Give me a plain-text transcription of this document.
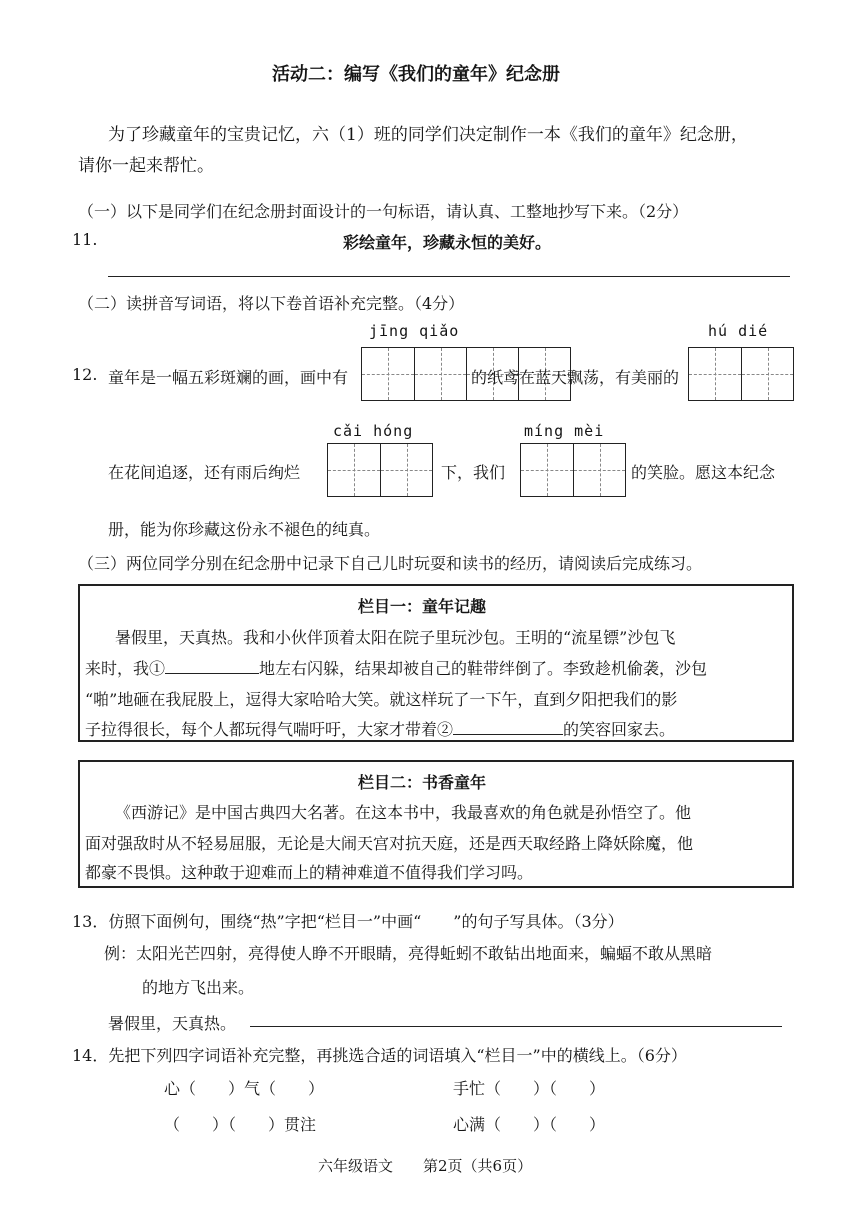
活动二：编写《我们的童年》纪念册
为了珍藏童年的宝贵记忆，六（1）班的同学们决定制作一本《我们的童年》纪念册，
请你一起来帮忙。
（一）以下是同学们在纪念册封面设计的一句标语，请认真、工整地抄写下来。（2分）
11.	彩绘童年，珍藏永恒的美好。
（二）读拼音写词语，将以下卷首语补充完整。（4分）
jīng qiǎo	hú dié
12. 童年是一幅五彩斑斓的画，画中有	的纸鸢在蓝天飘荡，有美丽的
cǎi hóng	míng mèi
在花间追逐，还有雨后绚烂	下，我们	的笑脸。愿这本纪念
册，能为你珍藏这份永不褪色的纯真。
（三）两位同学分别在纪念册中记录下自己儿时玩耍和读书的经历，请阅读后完成练习。
栏目一：童年记趣
暑假里，天真热。我和小伙伴顶着太阳在院子里玩沙包。王明的“流星镖”沙包飞
来时，我①	地左右闪躲，结果却被自己的鞋带绊倒了。李致趁机偷袭，沙包
“啪”地砸在我屁股上，逗得大家哈哈大笑。就这样玩了一下午，直到夕阳把我们的影
子拉得很长，每个人都玩得气喘吁吁，大家才带着②	的笑容回家去。
栏目二：书香童年
《西游记》是中国古典四大名著。在这本书中，我最喜欢的角色就是孙悟空了。他
面对强敌时从不轻易屈服，无论是大闹天宫对抗天庭，还是西天取经路上降妖除魔，他
都豪不畏惧。这种敢于迎难而上的精神难道不值得我们学习吗。
13．仿照下面例句，围绕“热”字把“栏目一”中画“　　”的句子写具体。（3分）
例：太阳光芒四射，亮得使人睁不开眼睛，亮得蚯蚓不敢钻出地面来，蝙蝠不敢从黑暗
的地方飞出来。
暑假里，天真热。
14．先把下列四字词语补充完整，再挑选合适的词语填入“栏目一”中的横线上。（6分）
心（　　）气（　　）	手忙（　　）（　　）
（　　）（　　）贯注	心满（　　）（　　）
六年级语文　　第2页（共6页）
